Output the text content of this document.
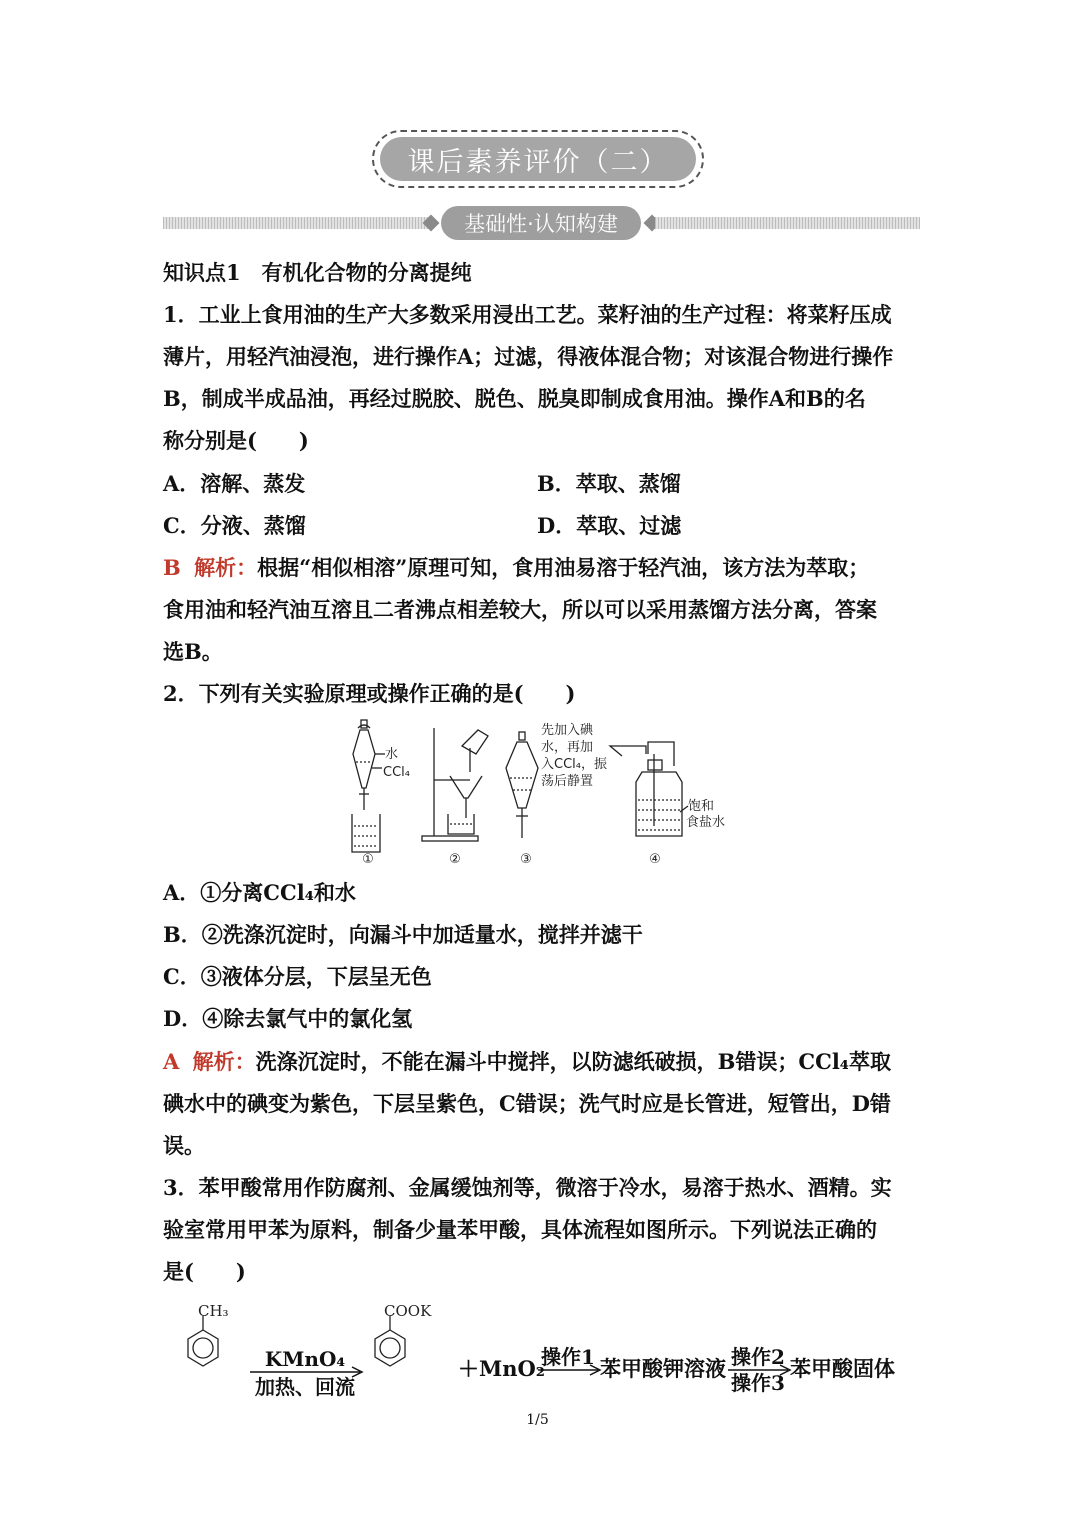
课后素养评价（二）
基础性·认知构建
知识点1　有机化合物的分离提纯
1．工业上食用油的生产大多数采用浸出工艺。菜籽油的生产过程：将菜籽压成
薄片，用轻汽油浸泡，进行操作A；过滤，得液体混合物；对该混合物进行操作
B，制成半成品油，再经过脱胶、脱色、脱臭即制成食用油。操作A和B的名
称分别是(　　)
A．溶解、蒸发	B．萃取、蒸馏
C．分液、蒸馏	D．萃取、过滤
B 解析：根据“相似相溶”原理可知，食用油易溶于轻汽油，该方法为萃取；
食用油和轻汽油互溶且二者沸点相差较大，所以可以采用蒸馏方法分离，答案
选B。
2．下列有关实验原理或操作正确的是(　　)
水
CCl₄
①	②
先加入碘
水，再加
入CCl₄，振
荡后静置
③
饱和
食盐水
④
A．①分离CCl₄和水
B．②洗涤沉淀时，向漏斗中加适量水，搅拌并滤干
C．③液体分层，下层呈无色
D．④除去氯气中的氯化氢
A 解析：洗涤沉淀时，不能在漏斗中搅拌，以防滤纸破损，B错误；CCl₄萃取
碘水中的碘变为紫色，下层呈紫色，C错误；洗气时应是长管进，短管出，D错
误。
3．苯甲酸常用作防腐剂、金属缓蚀剂等，微溶于冷水，易溶于热水、酒精。实
验室常用甲苯为原料，制备少量苯甲酸，具体流程如图所示。下列说法正确的
是(　　)
CH₃
KMnO₄
加热、回流
COOK
＋MnO₂
操作1 苯甲酸钾溶液 操作2
操作3
苯甲酸固体
1/5
